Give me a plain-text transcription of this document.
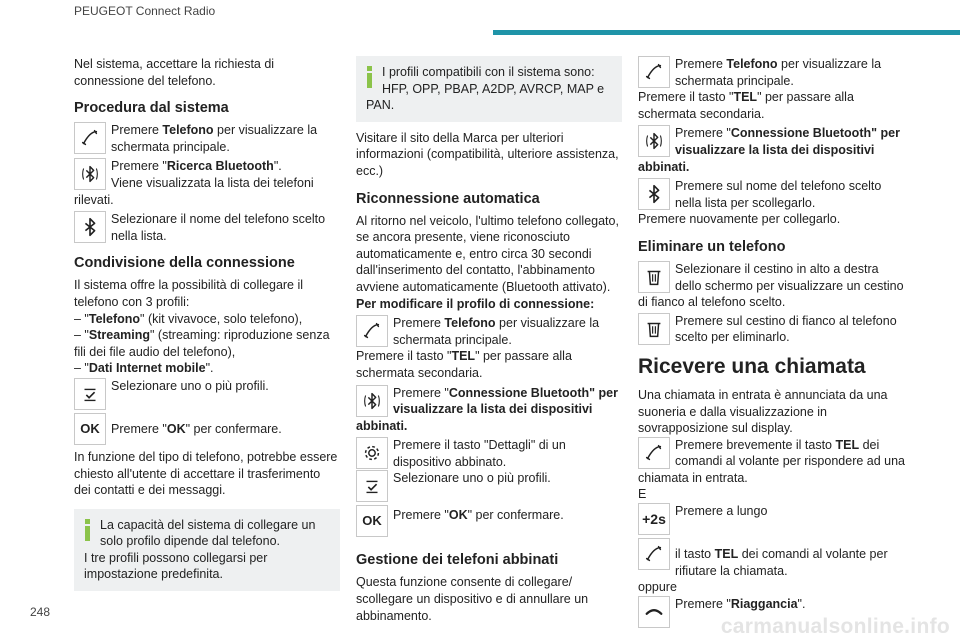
PEUGEOT Connect Radio

Nel sistema, accettare la richiesta di connessione del telefono.

Procedura dal sistema
Premere Telefono per visualizzare la schermata principale.
Premere "Ricerca Bluetooth".
Viene visualizzata la lista dei telefoni rilevati.
Selezionare il nome del telefono scelto nella lista.
Condivisione della connessione

Il sistema offre la possibilità di collegare il telefono con 3 profili:

– "Telefono" (kit vivavoce, solo telefono),
– "Streaming" (streaming: riproduzione senza fili dei file audio del telefono),
– "Dati Internet mobile".
Selezionare uno o più profili.
OK Premere "OK" per confermare.

In funzione del tipo di telefono, potrebbe essere chiesto all'utente di accettare il trasferimento dei contatti e dei messaggi.

La capacità del sistema di collegare un solo profilo dipende dal telefono.
I tre profili possono collegarsi per impostazione predefinita.
I profili compatibili con il sistema sono: HFP, OPP, PBAP, A2DP, AVRCP, MAP e PAN.

Visitare il sito della Marca per ulteriori informazioni (compatibilità, ulteriore assistenza, ecc.)

Riconnessione automatica

Al ritorno nel veicolo, l'ultimo telefono collegato, se ancora presente, viene riconosciuto automaticamente e, entro circa 30 secondi dall'inserimento del contatto, l'abbinamento avviene automaticamente (Bluetooth attivato).

Per modificare il profilo di connessione:
Premere Telefono per visualizzare la schermata principale.
Premere il tasto "TEL" per passare alla schermata secondaria.
Premere "Connessione Bluetooth" per visualizzare la lista dei dispositivi abbinati.
Premere il tasto "Dettagli" di un dispositivo abbinato.
Selezionare uno o più profili.
OK Premere "OK" per confermare.
Gestione dei telefoni abbinati

Questa funzione consente di collegare/ scollegare un dispositivo e di annullare un abbinamento.

Premere Telefono per visualizzare la schermata principale.
Premere il tasto "TEL" per passare alla schermata secondaria.
Premere "Connessione Bluetooth" per visualizzare la lista dei dispositivi abbinati.
Premere sul nome del telefono scelto nella lista per scollegarlo.
Premere nuovamente per collegarlo.
Eliminare un telefono
Selezionare il cestino in alto a destra dello schermo per visualizzare un cestino di fianco al telefono scelto.
Premere sul cestino di fianco al telefono scelto per eliminarlo.
Ricevere una chiamata

Una chiamata in entrata è annunciata da una suoneria e dalla visualizzazione in sovrapposizione sul display.

Premere brevemente il tasto TEL dei comandi al volante per rispondere ad una chiamata in entrata.
E
+2s Premere a lungo
il tasto TEL dei comandi al volante per rifiutare la chiamata.
oppure
Premere "Riaggancia".
248
carmanualsonline.info
